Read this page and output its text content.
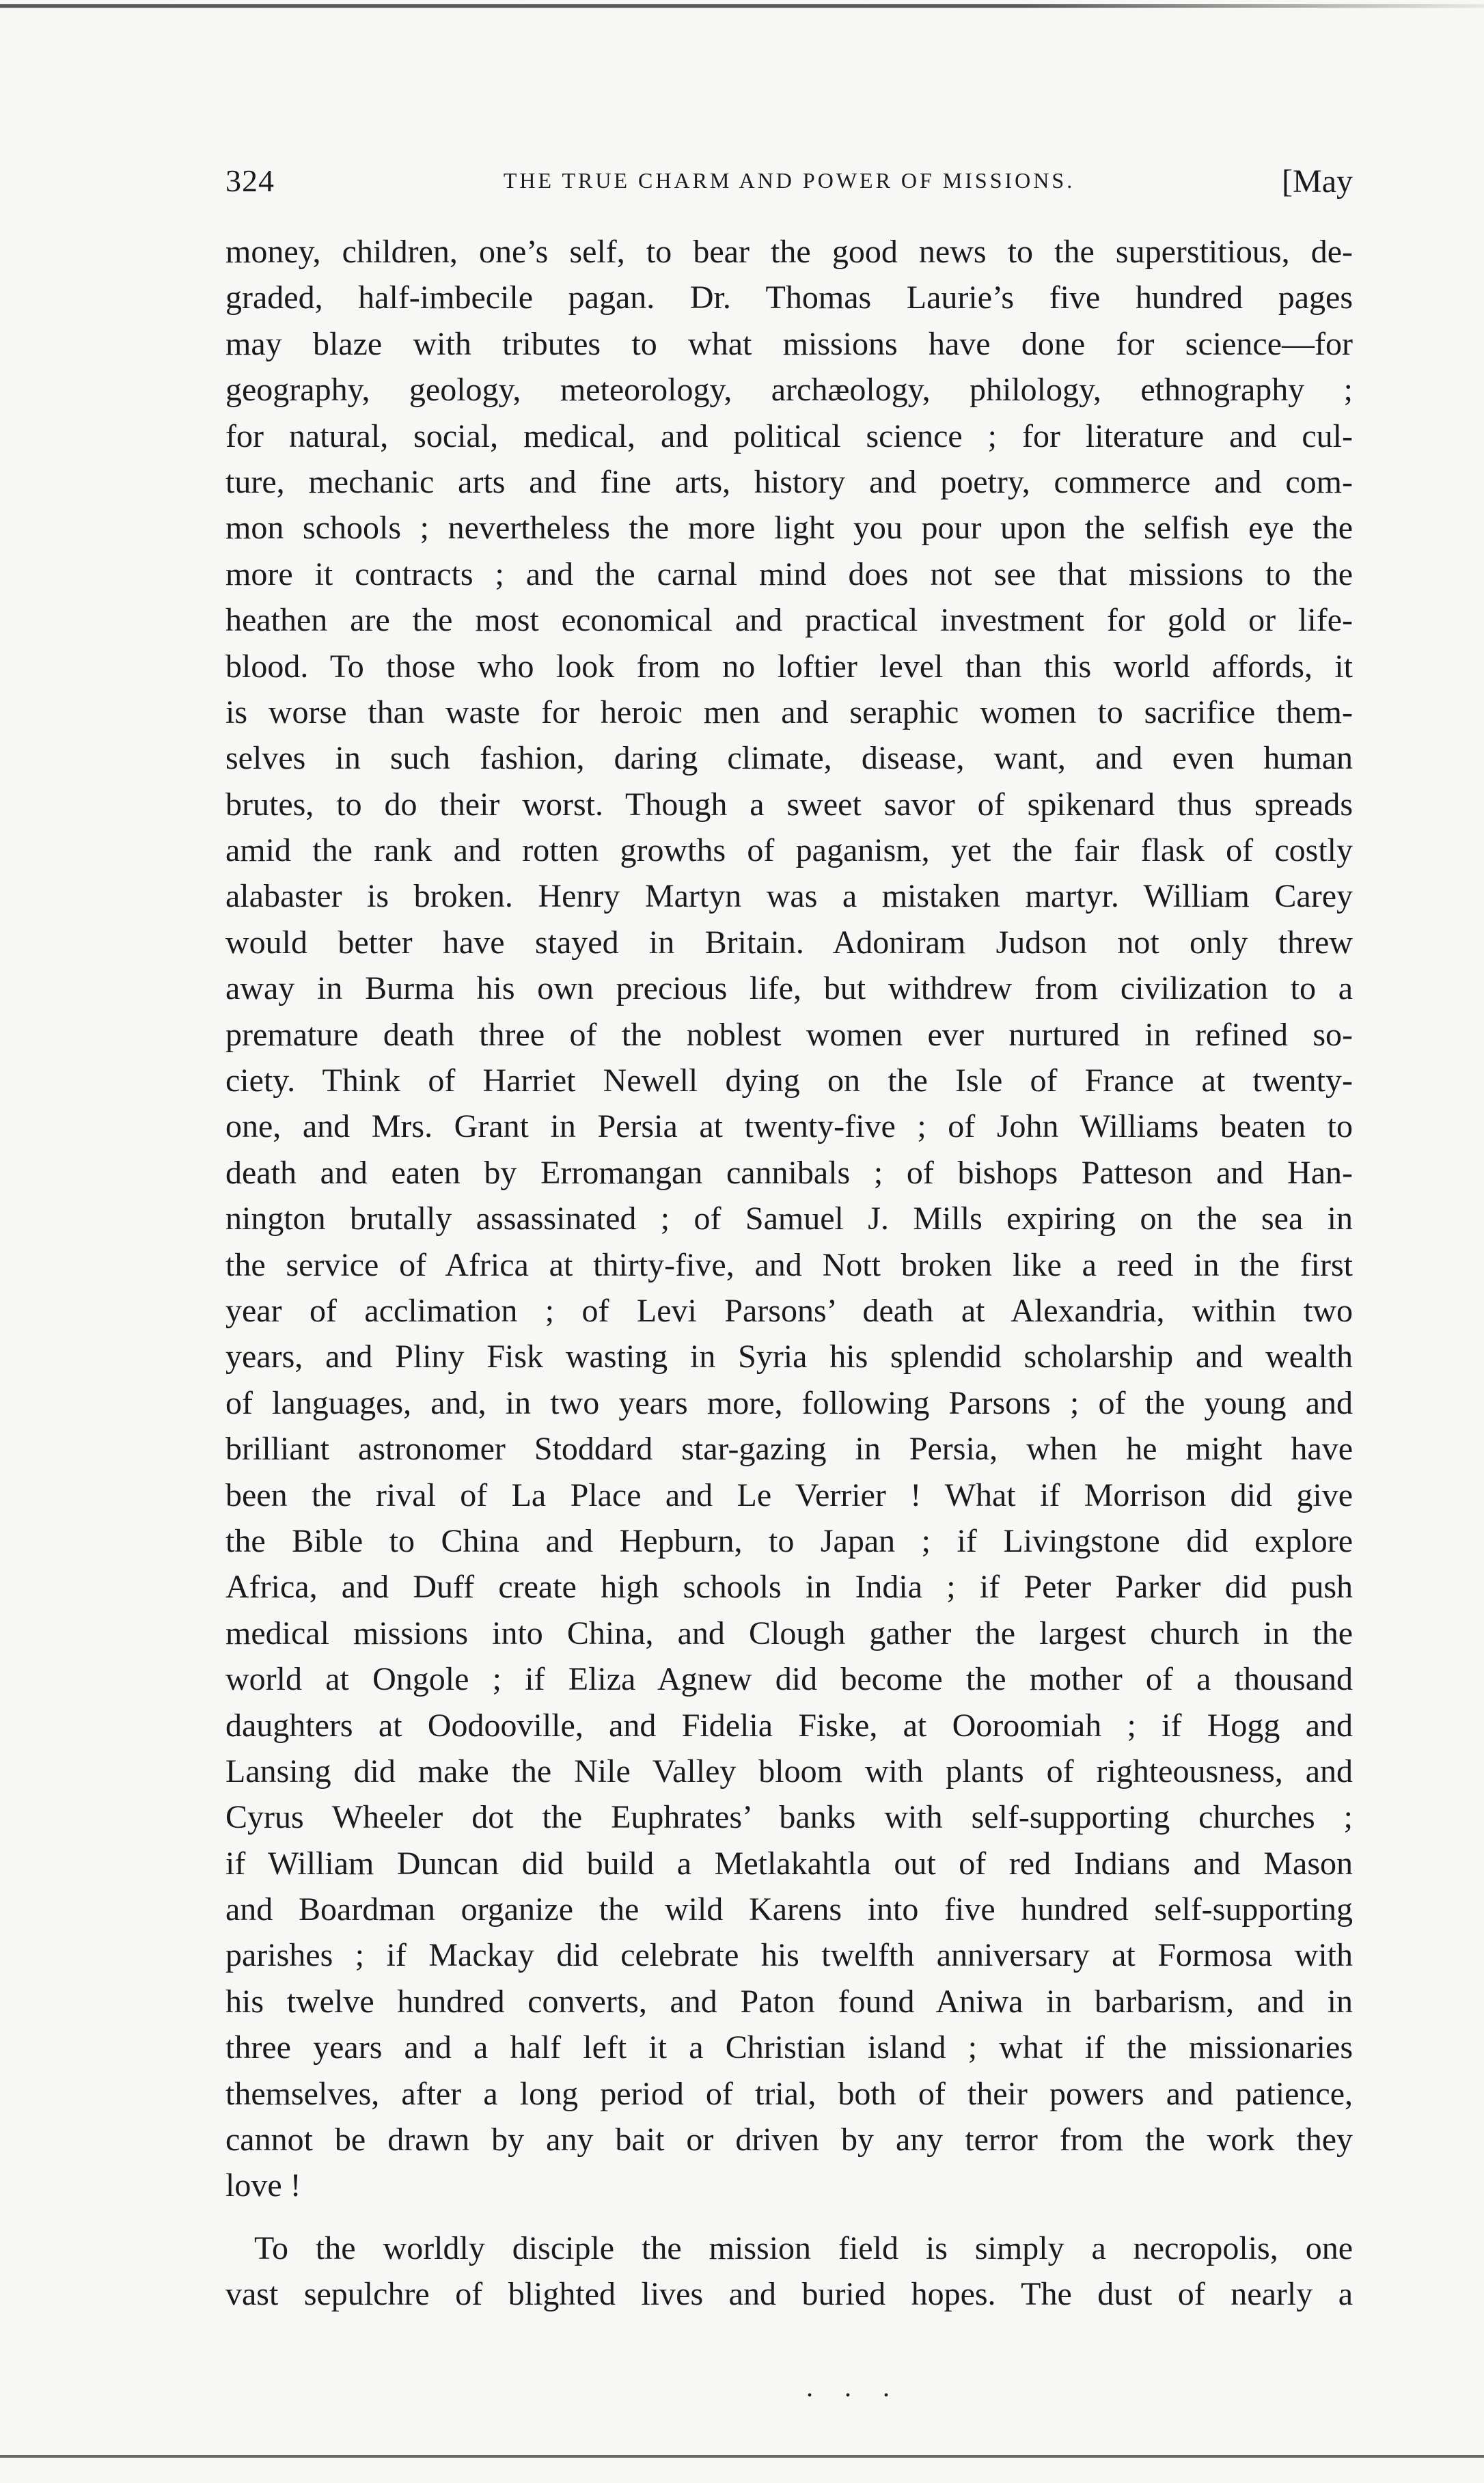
324	THE TRUE CHARM AND POWER OF MISSIONS.	[May
money, children, one’s self, to bear the good news to the superstitious, de-
graded, half-imbecile pagan. Dr. Thomas Laurie’s five hundred pages
may blaze with tributes to what missions have done for science—for
geography, geology, meteorology, archæology, philology, ethnography ;
for natural, social, medical, and political science ; for literature and cul-
ture, mechanic arts and fine arts, history and poetry, commerce and com-
mon schools ; nevertheless the more light you pour upon the selfish eye the
more it contracts ; and the carnal mind does not see that missions to the
heathen are the most economical and practical investment for gold or life-
blood. To those who look from no loftier level than this world affords, it
is worse than waste for heroic men and seraphic women to sacrifice them-
selves in such fashion, daring climate, disease, want, and even human
brutes, to do their worst. Though a sweet savor of spikenard thus spreads
amid the rank and rotten growths of paganism, yet the fair flask of costly
alabaster is broken. Henry Martyn was a mistaken martyr. William Carey
would better have stayed in Britain. Adoniram Judson not only threw
away in Burma his own precious life, but withdrew from civilization to a
premature death three of the noblest women ever nurtured in refined so-
ciety. Think of Harriet Newell dying on the Isle of France at twenty-
one, and Mrs. Grant in Persia at twenty-five ; of John Williams beaten to
death and eaten by Erromangan cannibals ; of bishops Patteson and Han-
nington brutally assassinated ; of Samuel J. Mills expiring on the sea in
the service of Africa at thirty-five, and Nott broken like a reed in the first
year of acclimation ; of Levi Parsons’ death at Alexandria, within two
years, and Pliny Fisk wasting in Syria his splendid scholarship and wealth
of languages, and, in two years more, following Parsons ; of the young and
brilliant astronomer Stoddard star-gazing in Persia, when he might have
been the rival of La Place and Le Verrier ! What if Morrison did give
the Bible to China and Hepburn, to Japan ; if Livingstone did explore
Africa, and Duff create high schools in India ; if Peter Parker did push
medical missions into China, and Clough gather the largest church in the
world at Ongole ; if Eliza Agnew did become the mother of a thousand
daughters at Oodooville, and Fidelia Fiske, at Ooroomiah ; if Hogg and
Lansing did make the Nile Valley bloom with plants of righteousness, and
Cyrus Wheeler dot the Euphrates’ banks with self-supporting churches ;
if William Duncan did build a Metlakahtla out of red Indians and Mason
and Boardman organize the wild Karens into five hundred self-supporting
parishes ; if Mackay did celebrate his twelfth anniversary at Formosa with
his twelve hundred converts, and Paton found Aniwa in barbarism, and in
three years and a half left it a Christian island ; what if the missionaries
themselves, after a long period of trial, both of their powers and patience,
cannot be drawn by any bait or driven by any terror from the work they
love !
To the worldly disciple the mission field is simply a necropolis, one
vast sepulchre of blighted lives and buried hopes. The dust of nearly a
. . .
